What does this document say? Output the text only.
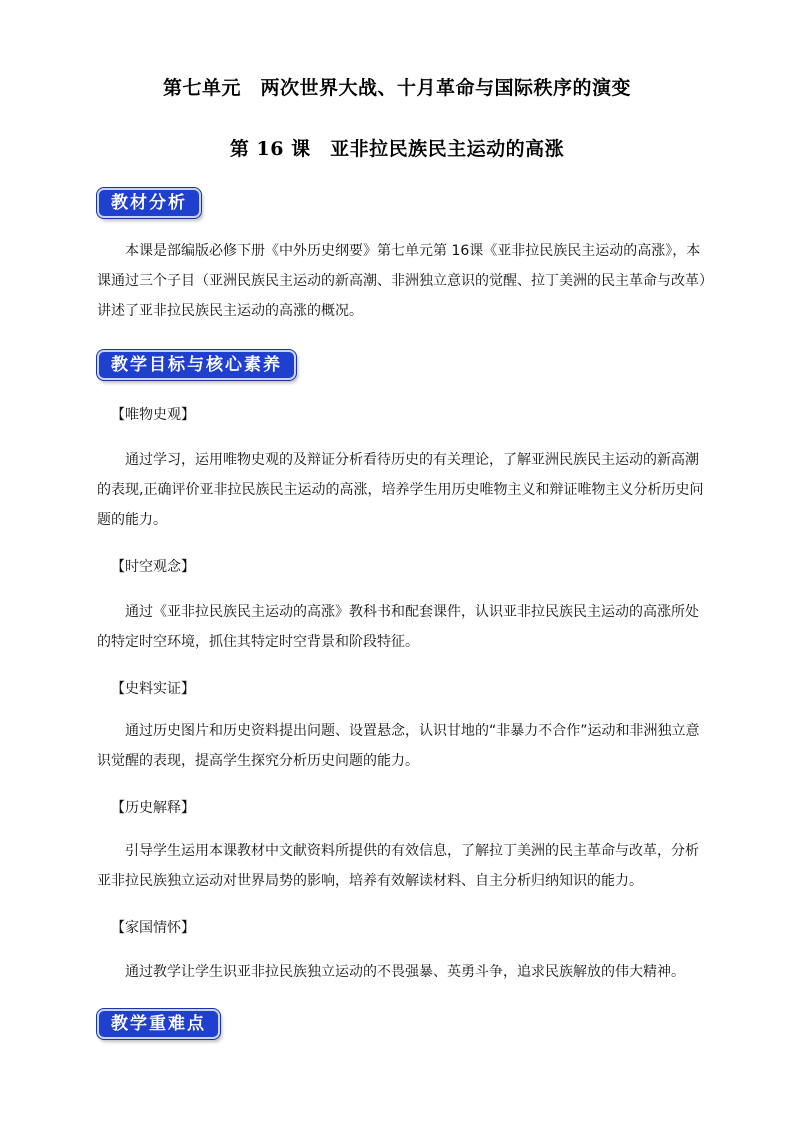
第七单元　两次世界大战、十月革命与国际秩序的演变
第 16 课　亚非拉民族民主运动的高涨
教材分析

本课是部编版必修下册《中外历史纲要》第七单元第 16课《亚非拉民族民主运动的高涨》，本课通过三个子目（亚洲民族民主运动的新高潮、非洲独立意识的觉醒、拉丁美洲的民主革命与改革）讲述了亚非拉民族民主运动的高涨的概况。

教学目标与核心素养

【唯物史观】

通过学习，运用唯物史观的及辩证分析看待历史的有关理论，了解亚洲民族民主运动的新高潮的表现,正确评价亚非拉民族民主运动的高涨，培养学生用历史唯物主义和辩证唯物主义分析历史问题的能力。

【时空观念】

通过《亚非拉民族民主运动的高涨》教科书和配套课件，认识亚非拉民族民主运动的高涨所处的特定时空环境，抓住其特定时空背景和阶段特征。

【史料实证】

通过历史图片和历史资料提出问题、设置悬念，认识甘地的“非暴力不合作”运动和非洲独立意识觉醒的表现，提高学生探究分析历史问题的能力。

【历史解释】

引导学生运用本课教材中文献资料所提供的有效信息，了解拉丁美洲的民主革命与改革，分析亚非拉民族独立运动对世界局势的影响，培养有效解读材料、自主分析归纳知识的能力。

【家国情怀】

通过教学让学生识亚非拉民族独立运动的不畏强暴、英勇斗争，追求民族解放的伟大精神。

教学重难点
